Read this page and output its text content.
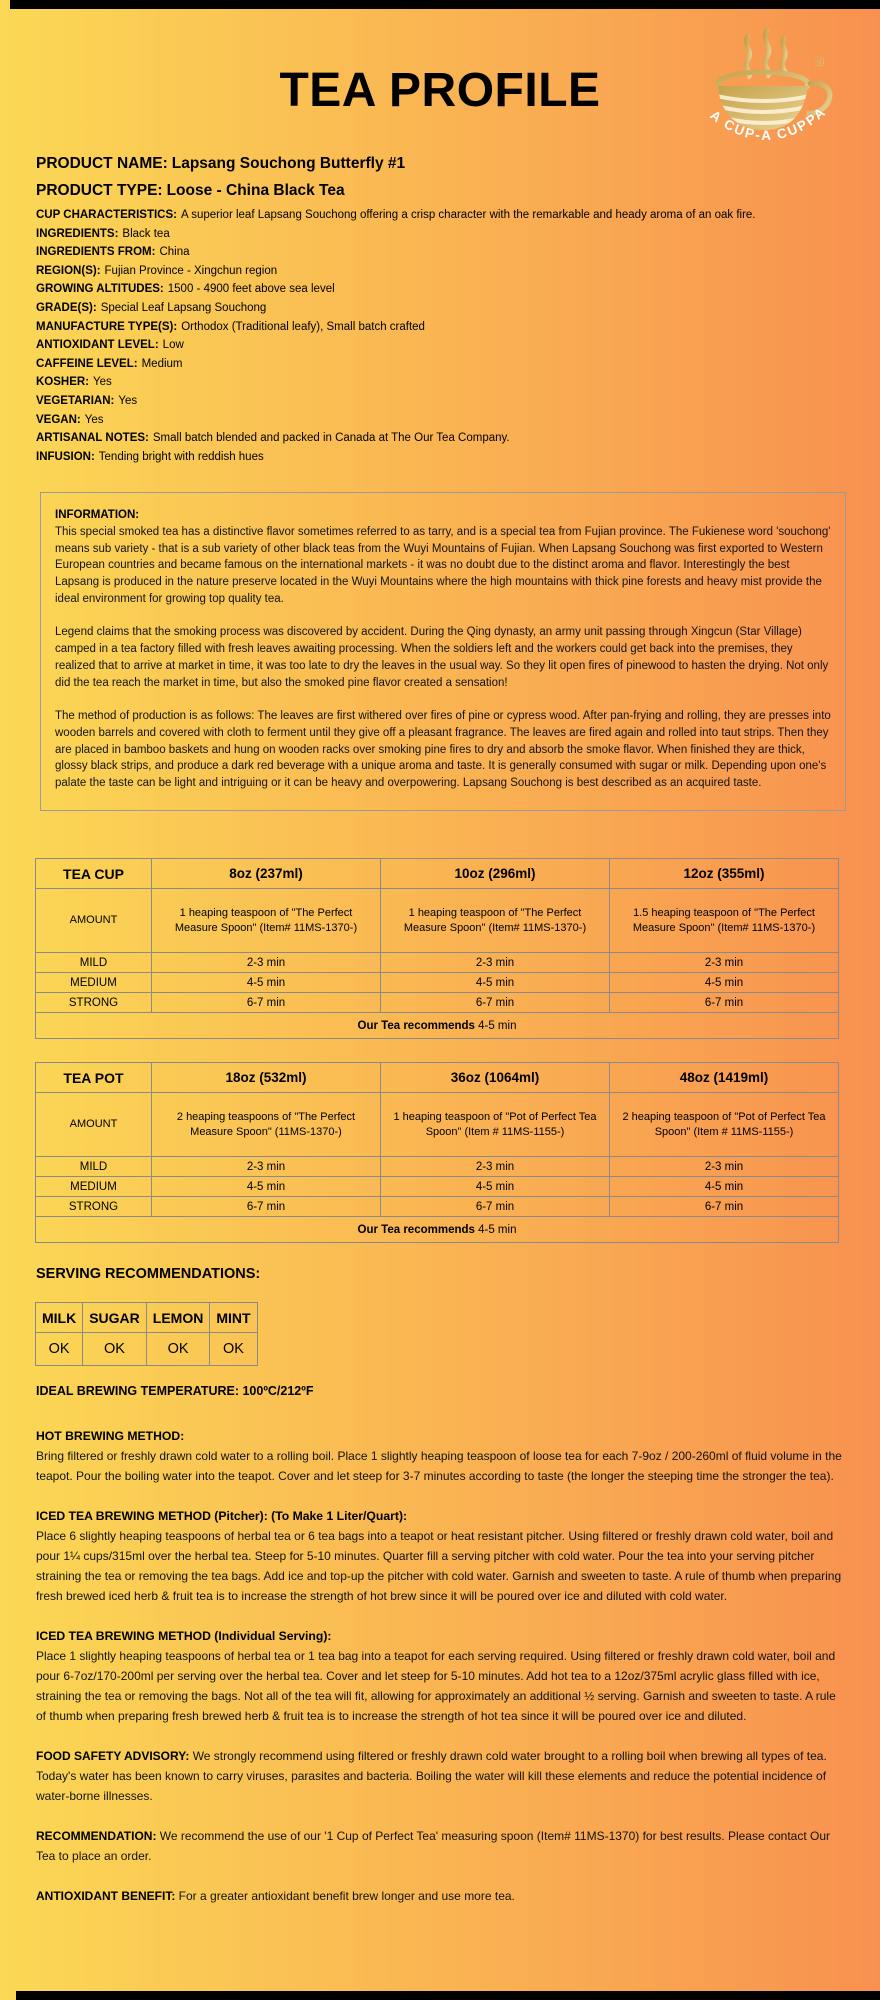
TEA PROFILE
®
A CUP-A CUPPA
PRODUCT NAME: Lapsang Souchong Butterfly #1
PRODUCT TYPE: Loose - China Black Tea
CUP CHARACTERISTICS: A superior leaf Lapsang Souchong offering a crisp character with the remarkable and heady aroma of an oak fire.
INGREDIENTS: Black tea
INGREDIENTS FROM: China
REGION(S): Fujian Province - Xingchun region
GROWING ALTITUDES: 1500 - 4900 feet above sea level
GRADE(S): Special Leaf Lapsang Souchong
MANUFACTURE TYPE(S): Orthodox (Traditional leafy), Small batch crafted
ANTIOXIDANT LEVEL: Low
CAFFEINE LEVEL: Medium
KOSHER: Yes
VEGETARIAN: Yes
VEGAN: Yes
ARTISANAL NOTES: Small batch blended and packed in Canada at The Our Tea Company.
INFUSION: Tending bright with reddish hues
INFORMATION:

This special smoked tea has a distinctive flavor sometimes referred to as tarry, and is a special tea from Fujian province. The Fukienese word 'souchong' means sub variety - that is a sub variety of other black teas from the Wuyi Mountains of Fujian. When Lapsang Souchong was first exported to Western European countries and became famous on the international markets - it was no doubt due to the distinct aroma and flavor. Interestingly the best Lapsang is produced in the nature preserve located in the Wuyi Mountains where the high mountains with thick pine forests and heavy mist provide the ideal environment for growing top quality tea.

Legend claims that the smoking process was discovered by accident. During the Qing dynasty, an army unit passing through Xingcun (Star Village) camped in a tea factory filled with fresh leaves awaiting processing. When the soldiers left and the workers could get back into the premises, they realized that to arrive at market in time, it was too late to dry the leaves in the usual way. So they lit open fires of pinewood to hasten the drying. Not only did the tea reach the market in time, but also the smoked pine flavor created a sensation!

The method of production is as follows: The leaves are first withered over fires of pine or cypress wood. After pan-frying and rolling, they are presses into wooden barrels and covered with cloth to ferment until they give off a pleasant fragrance. The leaves are fired again and rolled into taut strips. Then they are placed in bamboo baskets and hung on wooden racks over smoking pine fires to dry and absorb the smoke flavor. When finished they are thick, glossy black strips, and produce a dark red beverage with a unique aroma and taste. It is generally consumed with sugar or milk. Depending upon one's palate the taste can be light and intriguing or it can be heavy and overpowering. Lapsang Souchong is best described as an acquired taste.

TEA CUP	8oz (237ml)	10oz (296ml)	12oz (355ml)
AMOUNT	1 heaping teaspoon of "The Perfect Measure Spoon" (Item# 11MS-1370-)	1 heaping teaspoon of "The Perfect Measure Spoon" (Item# 11MS-1370-)	1.5 heaping teaspoon of "The Perfect Measure Spoon" (Item# 11MS-1370-)
MILD	2-3 min	2-3 min	2-3 min
MEDIUM	4-5 min	4-5 min	4-5 min
STRONG	6-7 min	6-7 min	6-7 min
Our Tea recommends 4-5 min			
TEA POT	18oz (532ml)	36oz (1064ml)	48oz (1419ml)
AMOUNT	2 heaping teaspoons of "The Perfect Measure Spoon" (11MS-1370-)	1 heaping teaspoon of "Pot of Perfect Tea Spoon" (Item # 11MS-1155-)	2 heaping teaspoon of "Pot of Perfect Tea Spoon" (Item # 11MS-1155-)
MILD	2-3 min	2-3 min	2-3 min
MEDIUM	4-5 min	4-5 min	4-5 min
STRONG	6-7 min	6-7 min	6-7 min
Our Tea recommends 4-5 min			
SERVING RECOMMENDATIONS:
MILK	SUGAR	LEMON	MINT
OK	OK	OK	OK
IDEAL BREWING TEMPERATURE: 100ºC/212ºF
HOT BREWING METHOD:

Bring filtered or freshly drawn cold water to a rolling boil. Place 1 slightly heaping teaspoon of loose tea for each 7-9oz / 200-260ml of fluid volume in the teapot. Pour the boiling water into the teapot. Cover and let steep for 3-7 minutes according to taste (the longer the steeping time the stronger the tea).

ICED TEA BREWING METHOD (Pitcher): (To Make 1 Liter/Quart):

Place 6 slightly heaping teaspoons of herbal tea or 6 tea bags into a teapot or heat resistant pitcher. Using filtered or freshly drawn cold water, boil and pour 1¼ cups/315ml over the herbal tea. Steep for 5-10 minutes. Quarter fill a serving pitcher with cold water. Pour the tea into your serving pitcher straining the tea or removing the tea bags. Add ice and top-up the pitcher with cold water. Garnish and sweeten to taste. A rule of thumb when preparing fresh brewed iced herb & fruit tea is to increase the strength of hot brew since it will be poured over ice and diluted with cold water.

ICED TEA BREWING METHOD (Individual Serving):

Place 1 slightly heaping teaspoons of herbal tea or 1 tea bag into a teapot for each serving required. Using filtered or freshly drawn cold water, boil and pour 6-7oz/170-200ml per serving over the herbal tea. Cover and let steep for 5-10 minutes. Add hot tea to a 12oz/375ml acrylic glass filled with ice, straining the tea or removing the bags. Not all of the tea will fit, allowing for approximately an additional ½ serving. Garnish and sweeten to taste. A rule of thumb when preparing fresh brewed herb & fruit tea is to increase the strength of hot tea since it will be poured over ice and diluted.

FOOD SAFETY ADVISORY: We strongly recommend using filtered or freshly drawn cold water brought to a rolling boil when brewing all types of tea. Today's water has been known to carry viruses, parasites and bacteria. Boiling the water will kill these elements and reduce the potential incidence of water-borne illnesses.

RECOMMENDATION: We recommend the use of our '1 Cup of Perfect Tea' measuring spoon (Item# 11MS-1370) for best results. Please contact Our Tea to place an order.

ANTIOXIDANT BENEFIT: For a greater antioxidant benefit brew longer and use more tea.
